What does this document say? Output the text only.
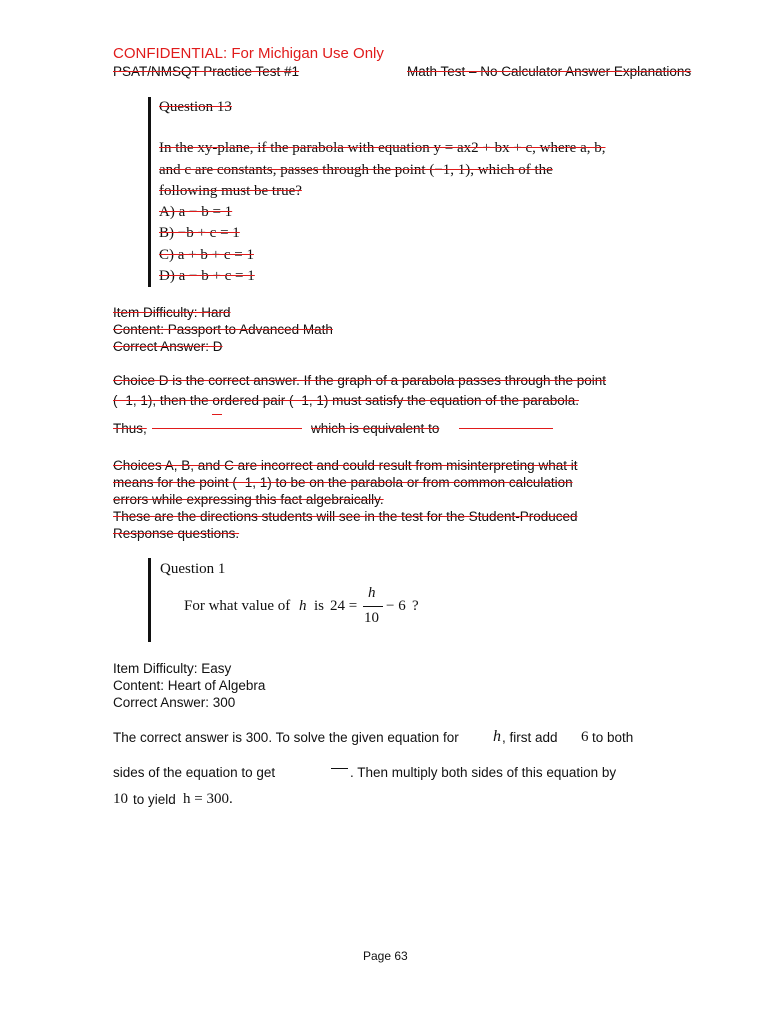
CONFIDENTIAL: For Michigan Use Only
PSAT/NMSQT Practice Test #1	Math Test – No Calculator Answer Explanations
Question 13
In the xy-plane, if the parabola with equation y = ax2 + bx + c, where a, b,
and c are constants, passes through the point (−1, 1), which of the
following must be true?
A) a − b = 1
B) −b + c = 1
C) a + b + c = 1
D) a − b + c = 1
Item Difficulty: Hard
Content: Passport to Advanced Math
Correct Answer: D
Choice D is the correct answer. If the graph of a parabola passes through the point
(−1, 1), then the ordered pair (−1, 1) must satisfy the equation of the parabola.
Thus,	which is equivalent to
Choices A, B, and C are incorrect and could result from misinterpreting what it
means for the point (−1, 1) to be on the parabola or from common calculation
errors while expressing this fact algebraically.
These are the directions students will see in the test for the Student-Produced
Response questions.
Question 1
For what value of h is 24 =
h
10
− 6 ?
Item Difficulty: Easy
Content: Heart of Algebra
Correct Answer: 300
The correct answer is 300. To solve the given equation for h , first add 6 to both
sides of the equation to get	. Then multiply both sides of this equation by
10 to yield h = 300.
Page 63
